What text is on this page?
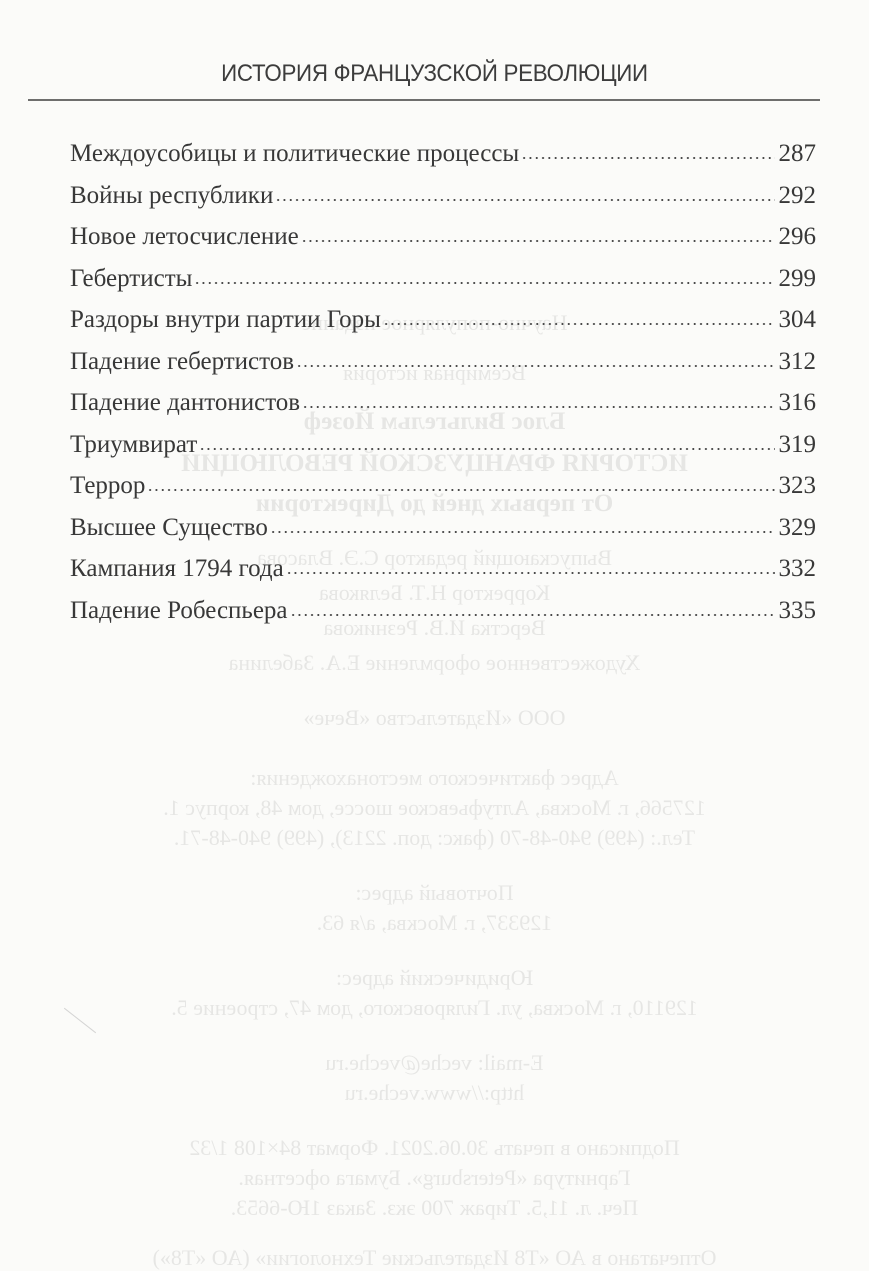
Научно-популярное издание
Всемирная история
Блос Вильгельм Йозеф
ИСТОРИЯ ФРАНЦУЗСКОЙ РЕВОЛЮЦИИ
От первых дней до Директории
Выпускающий редактор С.Э. Власова
Корректор Н.Т. Белякова
Верстка И.В. Резникова
Художественное оформление Е.А. Забелина
ООО «Издательство «Вече»
Адрес фактического местонахождения:
127566, г. Москва, Алтуфьевское шоссе, дом 48, корпус 1.
Тел.: (499) 940-48-70 (факс: доп. 2213), (499) 940-48-71.
Почтовый адрес:
129337, г. Москва, а/я 63.
Юридический адрес:
129110, г. Москва, ул. Гиляровского, дом 47, строение 5.
E-mail: veche@veche.ru
http://www.veche.ru
Подписано в печать 30.06.2021. Формат 84×108 1/32
Гарнитура «Petersburg». Бумага офсетная.
Печ. л. 11,5. Тираж 700 экз. Заказ 1Ю-6653.
Отпечатано в АО «Т8 Издательские Технологии» (АО «Т8»)
ИСТОРИЯ ФРАНЦУЗСКОЙ РЕВОЛЮЦИИ
Междоусобицы и политические процессы	287
Войны республики	292
Новое летосчисление	296
Гебертисты	299
Раздоры внутри партии Горы	304
Падение гебертистов	312
Падение дантонистов	316
Триумвират	319
Террор	323
Высшее Существо	329
Кампания 1794 года	332
Падение Робеспьера	335
